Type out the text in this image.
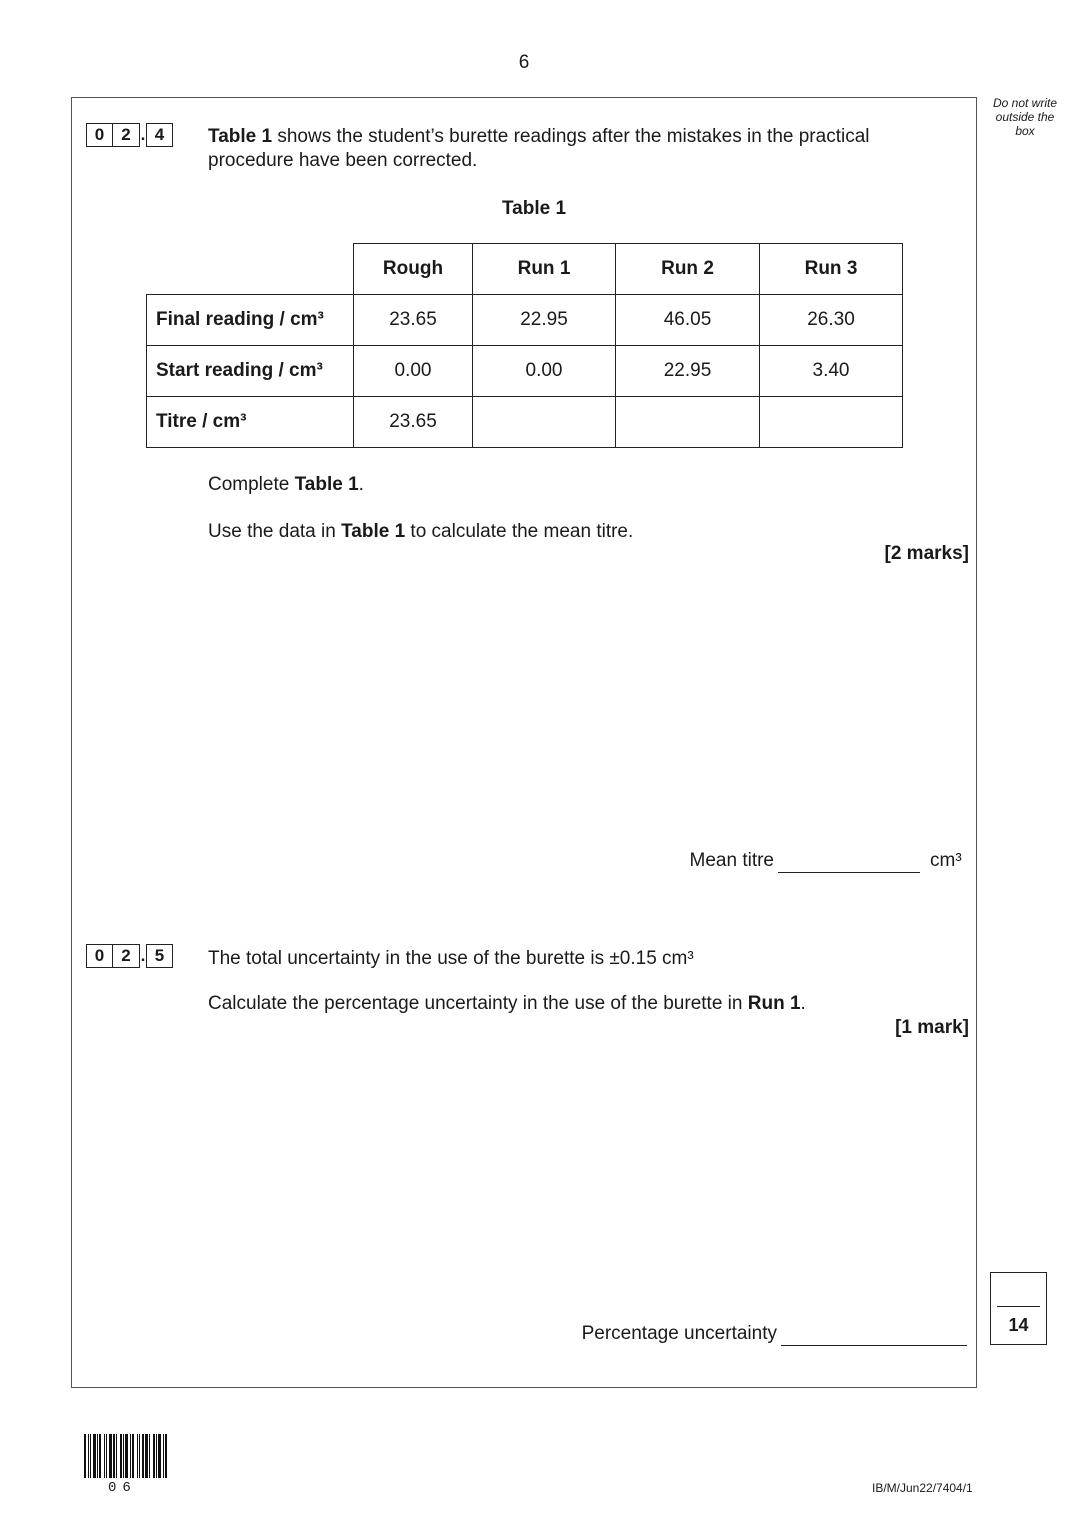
6
Do not write outside the box
0	2 . 4	Table 1 shows the student’s burette readings after the mistakes in the practical procedure have been corrected.
Table 1
	Rough	Run 1	Run 2	Run 3
Final reading / cm³	23.65	22.95	46.05	26.30
Start reading / cm³	0.00	0.00	22.95	3.40
Titre / cm³	23.65			
Complete Table 1.
Use the data in Table 1 to calculate the mean titre.
[2 marks]
Mean titre	cm³
0	2 . 5	The total uncertainty in the use of the burette is ±0.15 cm³
Calculate the percentage uncertainty in the use of the burette in Run 1.
[1 mark]
Percentage uncertainty	14
06	IB/M/Jun22/7404/1
